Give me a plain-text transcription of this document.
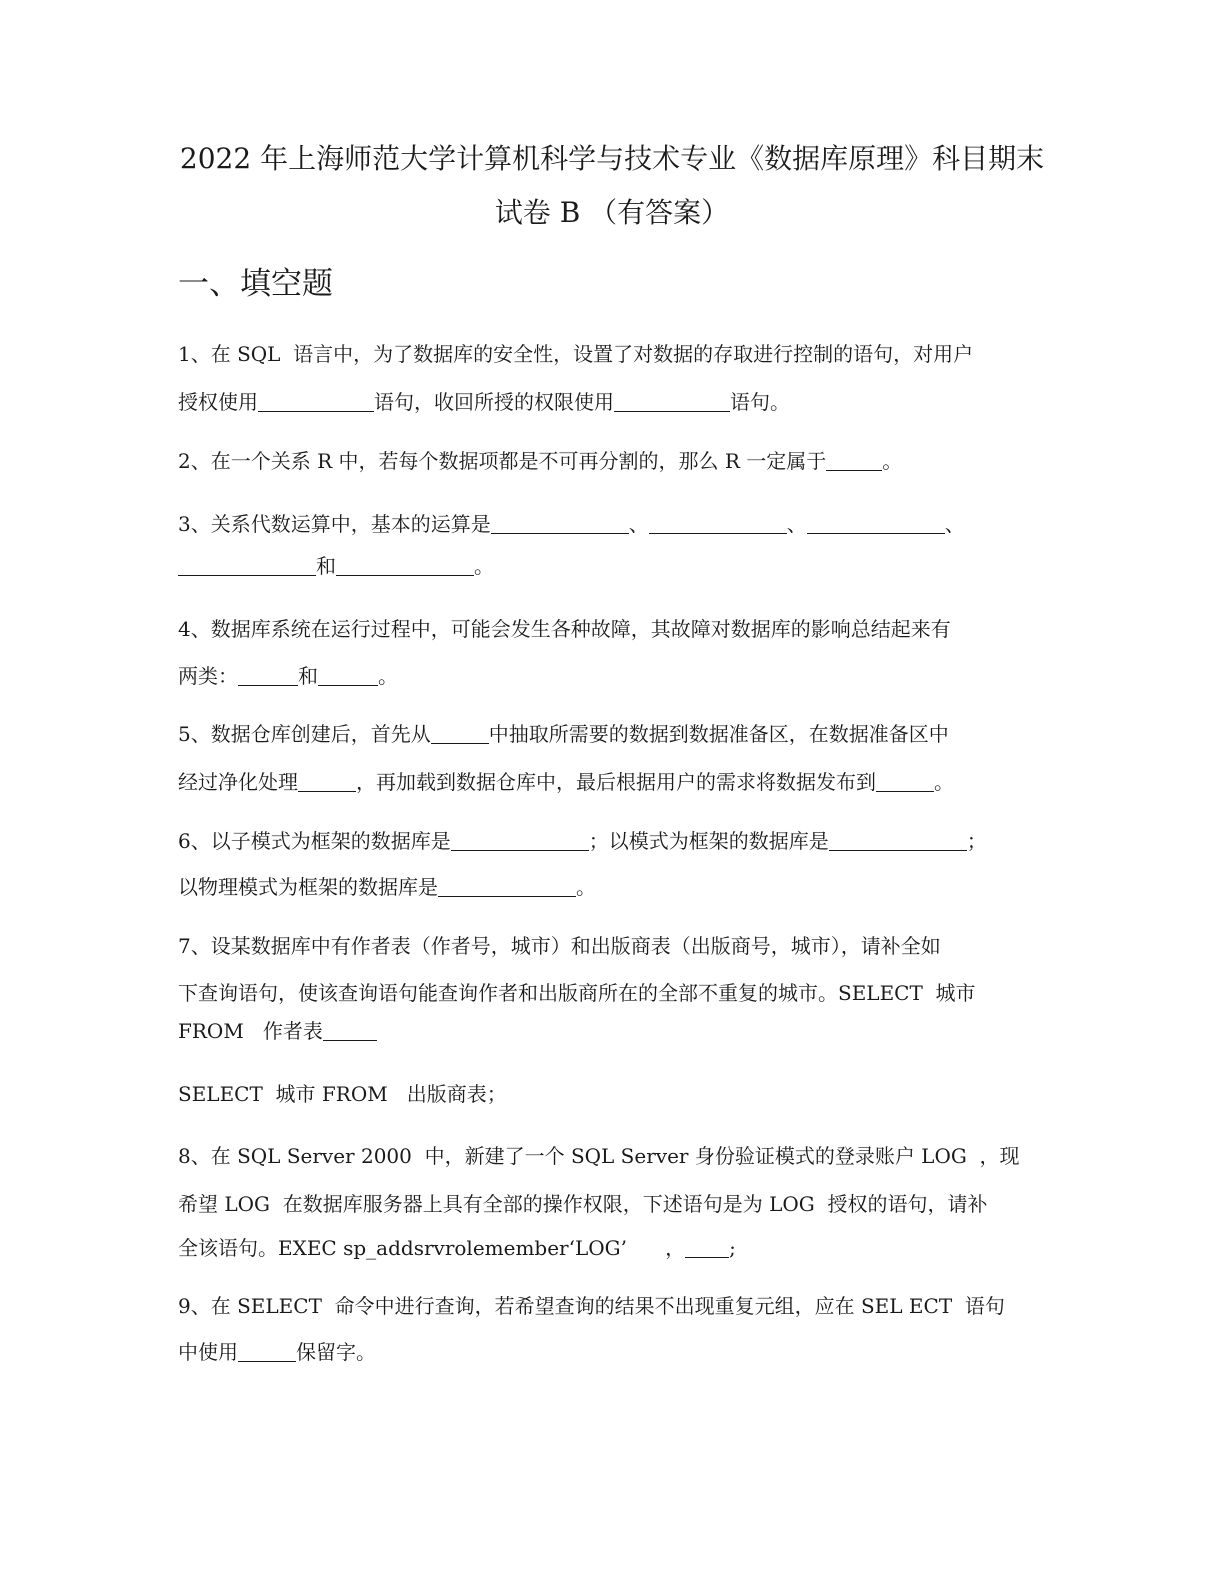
2022 年上海师范大学计算机科学与技术专业《数据库原理》科目期末
试卷 B （有答案）
一、填空题
1、在 SQL  语言中，为了数据库的安全性，设置了对数据的存取进行控制的语句，对用户
授权使用	语句，收回所授的权限使用	语句。
2、在一个关系 R 中，若每个数据项都是不可再分割的，那么 R 一定属于	。
3、关系代数运算中，基本的运算是	、	、	、
和	。
4、数据库系统在运行过程中，可能会发生各种故障，其故障对数据库的影响总结起来有
两类：	和	。
5、数据仓库创建后，首先从	中抽取所需要的数据到数据准备区，在数据准备区中
经过净化处理	，再加载到数据仓库中，最后根据用户的需求将数据发布到	。
6、以子模式为框架的数据库是	；以模式为框架的数据库是	；
以物理模式为框架的数据库是	。
7、设某数据库中有作者表（作者号，城市）和出版商表（出版商号，城市），请补全如
下查询语句，使该查询语句能查询作者和出版商所在的全部不重复的城市。SELECT  城市
FROM   作者表
SELECT  城市 FROM   出版商表；
8、在 SQL Server 2000  中，新建了一个 SQL Server 身份验证模式的登录账户 LOG  ，现
希望 LOG  在数据库服务器上具有全部的操作权限，下述语句是为 LOG  授权的语句，请补
全该语句。EXEC sp_addsrvrolemember‘LOG’      ， ;
9、在 SELECT  命令中进行查询，若希望查询的结果不出现重复元组，应在 SEL ECT  语句
中使用	保留字。
